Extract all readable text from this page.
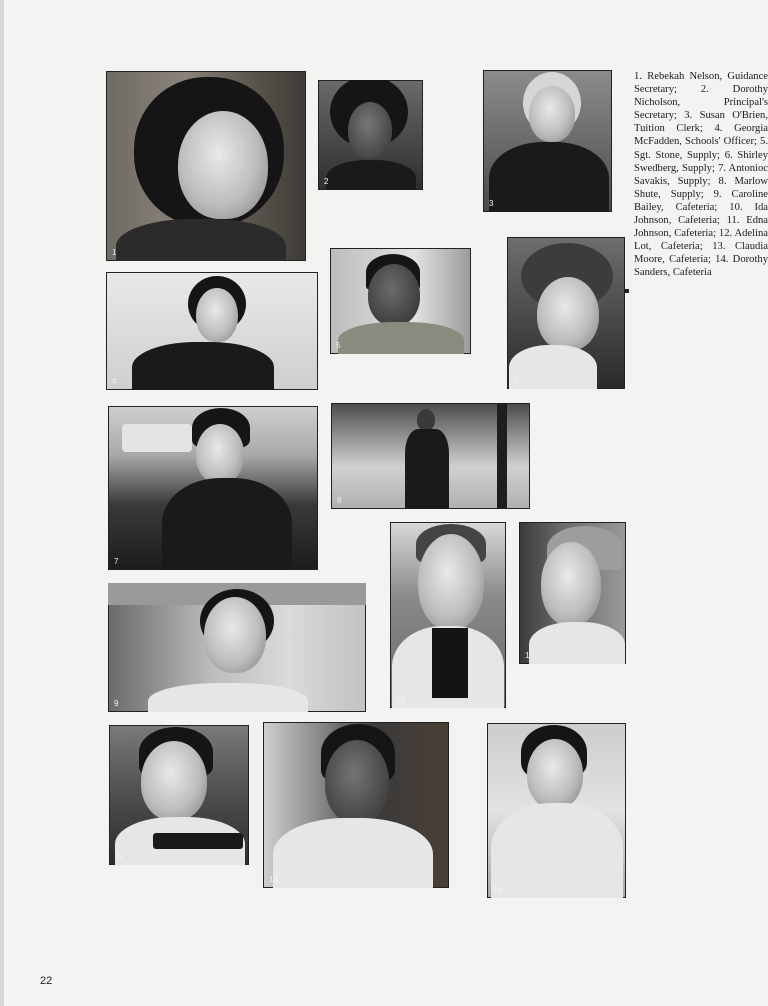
1
2
3
4
5
6
7
8
9	10
1
12
13
14
1. Rebekah Nelson, Guidance Secretary; 2. Dorothy Nicholson, Principal's Secretary; 3. Susan O'Brien, Tuition Clerk; 4. Georgia McFadden, Schools' Officer; 5. Sgt. Stone, Supply; 6. Shirley Swedberg, Supply; 7. Antonioc Savakis, Supply; 8. Marlow Shute, Supply; 9. Caroline Bailey, Cafeteria; 10. Ida Johnson, Cafeteria; 11. Edna Johnson, Cafeteria; 12. Adelina Lot, Cafeteria; 13. Claudia Moore, Cafeteria; 14. Dorothy Sanders, Cafeteria
22
